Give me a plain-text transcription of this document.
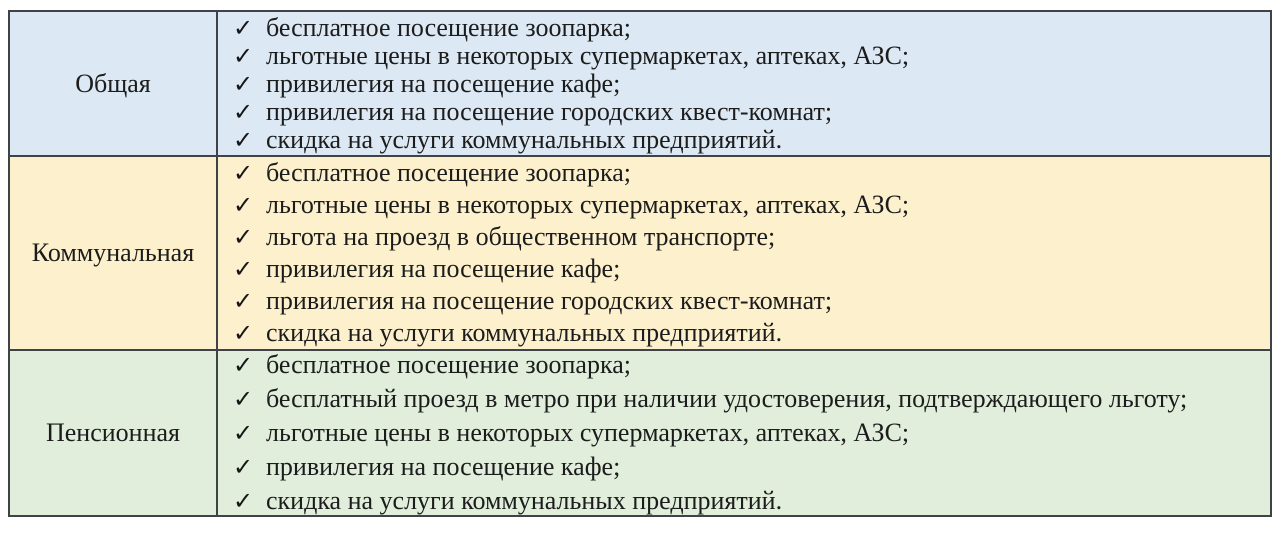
Общая
✓ бесплатное посещение зоопарка;
✓ льготные цены в некоторых супермаркетах, аптеках, АЗС;
✓ привилегия на посещение кафе;
✓ привилегия на посещение городских квест-комнат;
✓ скидка на услуги коммунальных предприятий.
Коммунальная
✓ бесплатное посещение зоопарка;
✓ льготные цены в некоторых супермаркетах, аптеках, АЗС;
✓ льгота на проезд в общественном транспорте;
✓ привилегия на посещение кафе;
✓ привилегия на посещение городских квест-комнат;
✓ скидка на услуги коммунальных предприятий.
Пенсионная
✓ бесплатное посещение зоопарка;
✓ бесплатный проезд в метро при наличии удостоверения, подтверждающего льготу;
✓ льготные цены в некоторых супермаркетах, аптеках, АЗС;
✓ привилегия на посещение кафе;
✓ скидка на услуги коммунальных предприятий.
